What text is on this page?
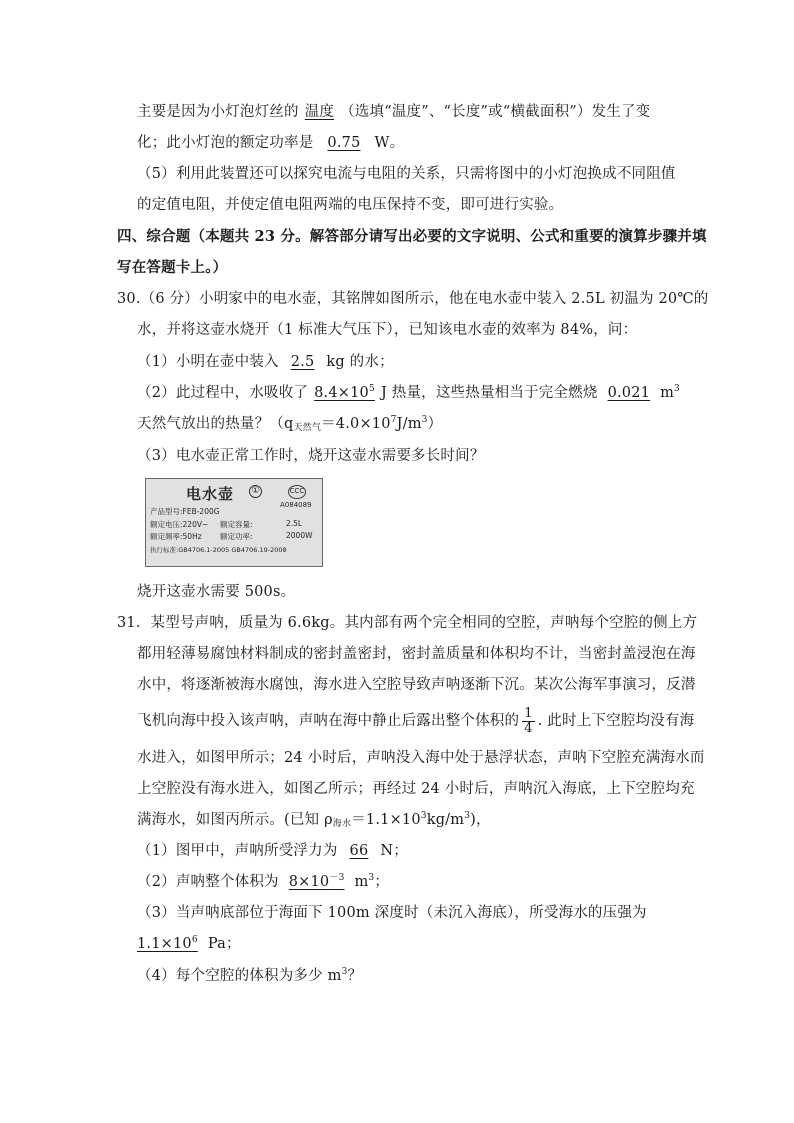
主要是因为小灯泡灯丝的 温度 （选填“温度”、“长度”或“横截面积”）发生了变
化；此小灯泡的额定功率是 0.75 W。
（5）利用此装置还可以探究电流与电阻的关系，只需将图中的小灯泡换成不同阻值
的定值电阻，并使定值电阻两端的电压保持不变，即可进行实验。
四、综合题（本题共 23 分。解答部分请写出必要的文字说明、公式和重要的演算步骤并填
写在答题卡上。）
30.（6 分）小明家中的电水壶，其铭牌如图所示，他在电水壶中装入 2.5L 初温为 20℃的
水，并将这壶水烧开（1 标准大气压下），已知该电水壶的效率为 84%，问：
（1）小明在壶中装入 2.5 kg 的水；
（2）此过程中，水吸收了 $8.4\times 10^5$ J 热量，这些热量相当于完全燃烧 0.021 $m^3$
天然气放出的热量？$(q_{天然气}=4.0\times 10^7J/m^3)$
（3）电水壶正常工作时，烧开这壶水需要多长时间？
电水壶 ①	CCC
A084089
产品型号:FEB-200G
额定电压:220V~ 额定容量:	2.5L
额定频率:50Hz 额定功率:	2000W
执行标准:GB4706.1-2005 GB4706.19-2008
烧开这壶水需要 500s。
31．某型号声呐，质量为 6.6kg。其内部有两个完全相同的空腔，声呐每个空腔的侧上方
都用轻薄易腐蚀材料制成的密封盖密封，密封盖质量和体积均不计，当密封盖浸泡在海
水中，将逐渐被海水腐蚀，海水进入空腔导致声呐逐渐下沉。某次公海军事演习，反潜
飞机向海中投入该声呐，声呐在海中静止后露出整个体积的 $\frac{1}{4}$ . 此时上下空腔均没有海
水进入，如图甲所示；24 小时后，声呐没入海中处于悬浮状态，声呐下空腔充满海水而
上空腔没有海水进入，如图乙所示；再经过 24 小时后，声呐沉入海底，上下空腔均充
满海水，如图丙所示。(已知 $\rho_{海水}=1.1\times 10^3kg/m^3$)，
（1）图甲中，声呐所受浮力为 66 N；
（2）声呐整个体积为 $8\times 10^{-3}$ $m^3$；
（3）当声呐底部位于海面下 100m 深度时（未沉入海底），所受海水的压强为
$1.1\times 10^6$ Pa；
（4）每个空腔的体积为多少 $m^3$？
